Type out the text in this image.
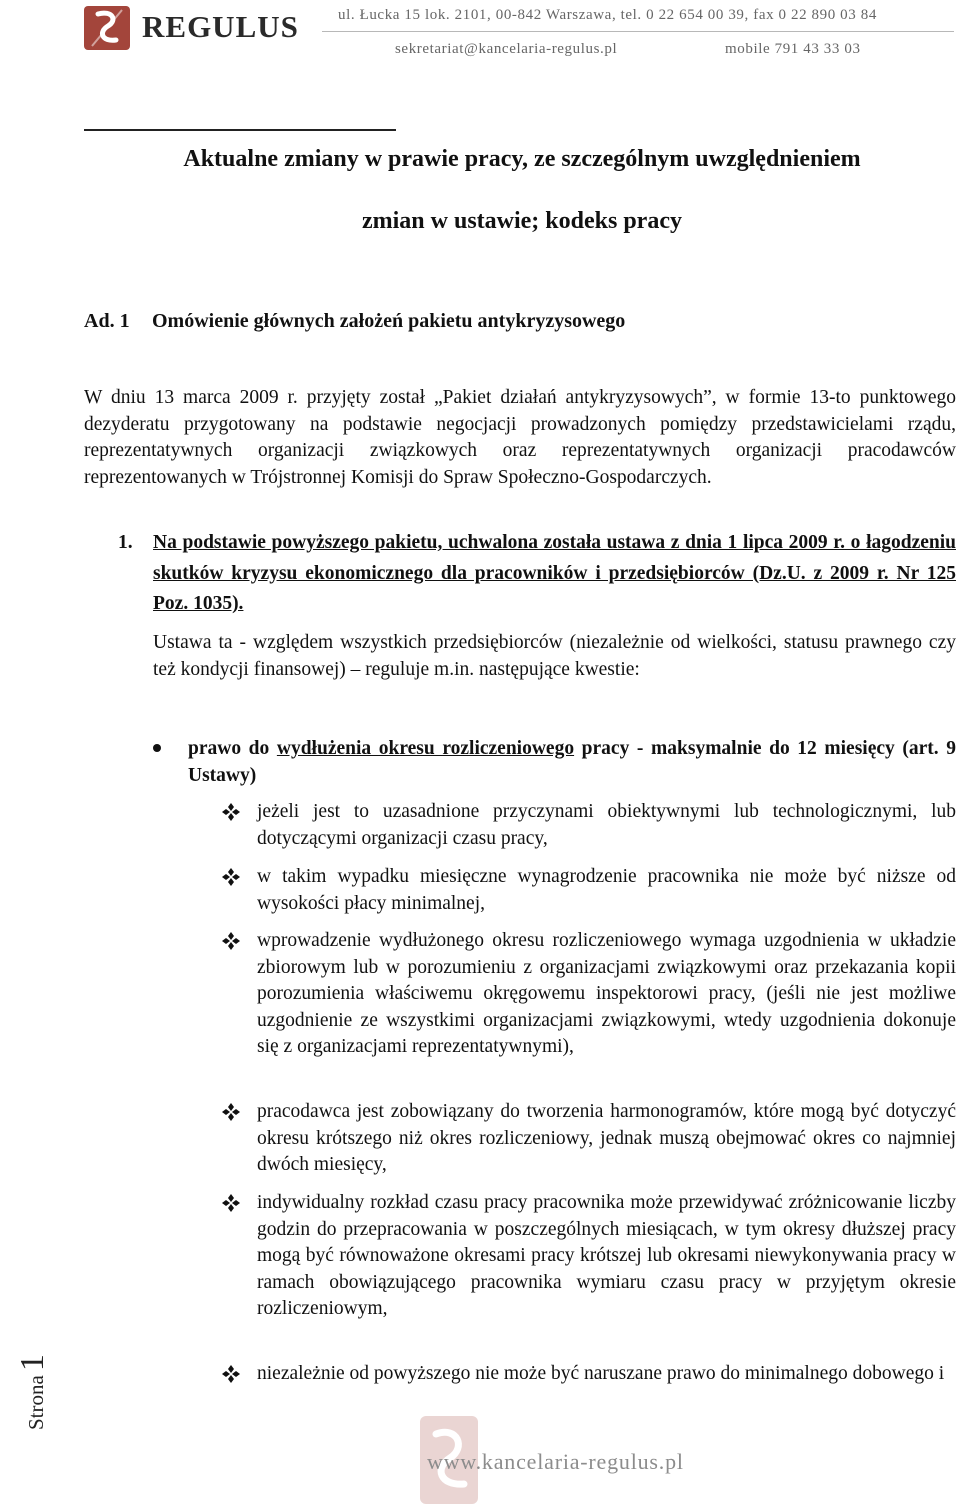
REGULUS	ul. Łucka 15 lok. 2101, 00-842 Warszawa, tel. 0 22 654 00 39, fax 0 22 890 03 84
sekretariat@kancelaria-regulus.pl	mobile 791 43 33 03
Aktualne zmiany w prawie pracy, ze szczególnym uwzględnieniem
zmian w ustawie; kodeks pracy
Ad. 1 Omówienie głównych założeń pakietu antykryzysowego

W dniu 13 marca 2009 r. przyjęty został „Pakiet działań antykryzysowych”, w formie 13-to punktowego dezyderatu przygotowany na podstawie negocjacji prowadzonych pomiędzy przedstawicielami rządu, reprezentatywnych organizacji związkowych oraz reprezentatywnych organizacji pracodawców reprezentowanych w Trójstronnej Komisji do Spraw Społeczno-Gospodarczych.

1. Na podstawie powyższego pakietu, uchwalona została ustawa z dnia 1 lipca 2009 r. o łagodzeniu skutków kryzysu ekonomicznego dla pracowników i przedsiębiorców (Dz.U. z 2009 r. Nr 125 Poz. 1035).

Ustawa ta - względem wszystkich przedsiębiorców (niezależnie od wielkości, statusu prawnego czy też kondycji finansowej) – reguluje m.in. następujące kwestie:

prawo do wydłużenia okresu rozliczeniowego pracy - maksymalnie do 12 miesięcy (art. 9 Ustawy)

jeżeli jest to uzasadnione przyczynami obiektywnymi lub technologicznymi, lub dotyczącymi organizacji czasu pracy,

w takim wypadku miesięczne wynagrodzenie pracownika nie może być niższe od wysokości płacy minimalnej,

wprowadzenie wydłużonego okresu rozliczeniowego wymaga uzgodnienia w układzie zbiorowym lub w porozumieniu z organizacjami związkowymi oraz przekazania kopii porozumienia właściwemu okręgowemu inspektorowi pracy, (jeśli nie jest możliwe uzgodnienie ze wszystkimi organizacjami związkowymi, wtedy uzgodnienia dokonuje się z organizacjami reprezentatywnymi),

pracodawca jest zobowiązany do tworzenia harmonogramów, które mogą być dotyczyć okresu krótszego niż okres rozliczeniowy, jednak muszą obejmować okres co najmniej dwóch miesięcy,

indywidualny rozkład czasu pracy pracownika może przewidywać zróżnicowanie liczby godzin do przepracowania w poszczególnych miesiącach, w tym okresy dłuższej pracy mogą być równoważone okresami pracy krótszej lub okresami niewykonywania pracy w ramach obowiązującego pracownika wymiaru czasu pracy w przyjętym okresie rozliczeniowym,

niezależnie od powyższego nie może być naruszane prawo do minimalnego dobowego i

Strona1
www.kancelaria-regulus.pl
